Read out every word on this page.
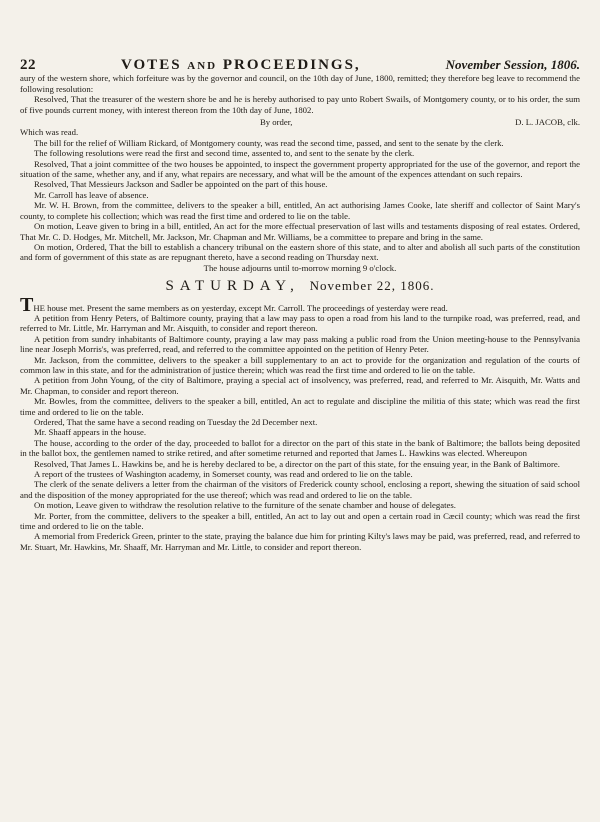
22	VOTES AND PROCEEDINGS,	November Session, 1806.

aury of the western shore, which forfeiture was by the governor and council, on the 10th day of June, 1800, remitted; they therefore beg leave to recommend the following resolution:

Resolved, That the treasurer of the western shore be and he is hereby authorised to pay unto Robert Swails, of Montgomery county, or to his order, the sum of five pounds current money, with interest thereon from the 10th day of June, 1802.

By order,	D. L. JACOB, clk.

Which was read.

The bill for the relief of William Rickard, of Montgomery county, was read the second time, passed, and sent to the senate by the clerk.

The following resolutions were read the first and second time, assented to, and sent to the senate by the clerk.

Resolved, That a joint committee of the two houses be appointed, to inspect the government property appropriated for the use of the governor, and report the situation of the same, whether any, and if any, what repairs are necessary, and what will be the amount of the expences attendant on such repairs.

Resolved, That Messieurs Jackson and Sadler be appointed on the part of this house.

Mr. Carroll has leave of absence.

Mr. W. H. Brown, from the committee, delivers to the speaker a bill, entitled, An act authorising James Cooke, late sheriff and collector of Saint Mary's county, to complete his collection; which was read the first time and ordered to lie on the table.

On motion, Leave given to bring in a bill, entitled, An act for the more effectual preservation of last wills and testaments disposing of real estates. Ordered, That Mr. C. D. Hodges, Mr. Mitchell, Mr. Jackson, Mr. Chapman and Mr. Williams, be a committee to prepare and bring in the same.

On motion, Ordered, That the bill to establish a chancery tribunal on the eastern shore of this state, and to alter and abolish all such parts of the constitution and form of government of this state as are repugnant thereto, have a second reading on Thursday next.

The house adjourns until to-morrow morning 9 o'clock.

SATURDAY, November 22, 1806.

THE house met. Present the same members as on yesterday, except Mr. Carroll. The proceedings of yesterday were read.

A petition from Henry Peters, of Baltimore county, praying that a law may pass to open a road from his land to the turnpike road, was preferred, read, and referred to Mr. Little, Mr. Harryman and Mr. Aisquith, to consider and report thereon.

A petition from sundry inhabitants of Baltimore county, praying a law may pass making a public road from the Union meeting-house to the Pennsylvania line near Joseph Morris's, was preferred, read, and referred to the committee appointed on the petition of Henry Peter.

Mr. Jackson, from the committee, delivers to the speaker a bill supplementary to an act to provide for the organization and regulation of the courts of common law in this state, and for the administration of justice therein; which was read the first time and ordered to lie on the table.

A petition from John Young, of the city of Baltimore, praying a special act of insolvency, was preferred, read, and referred to Mr. Aisquith, Mr. Watts and Mr. Chapman, to consider and report thereon.

Mr. Bowles, from the committee, delivers to the speaker a bill, entitled, An act to regulate and discipline the militia of this state; which was read the first time and ordered to lie on the table.

Ordered, That the same have a second reading on Tuesday the 2d December next.

Mr. Shaaff appears in the house.

The house, according to the order of the day, proceeded to ballot for a director on the part of this state in the bank of Baltimore; the ballots being deposited in the ballot box, the gentlemen named to strike retired, and after sometime returned and reported that James L. Hawkins was elected. Whereupon

Resolved, That James L. Hawkins be, and he is hereby declared to be, a director on the part of this state, for the ensuing year, in the Bank of Baltimore.

A report of the trustees of Washington academy, in Somerset county, was read and ordered to lie on the table.

The clerk of the senate delivers a letter from the chairman of the visitors of Frederick county school, enclosing a report, shewing the situation of said school and the disposition of the money appropriated for the use thereof; which was read and ordered to lie on the table.

On motion, Leave given to withdraw the resolution relative to the furniture of the senate chamber and house of delegates.

Mr. Porter, from the committee, delivers to the speaker a bill, entitled, An act to lay out and open a certain road in Cæcil county; which was read the first time and ordered to lie on the table.

A memorial from Frederick Green, printer to the state, praying the balance due him for printing Kilty's laws may be paid, was preferred, read, and referred to Mr. Stuart, Mr. Hawkins, Mr. Shaaff, Mr. Harryman and Mr. Little, to consider and report thereon.
